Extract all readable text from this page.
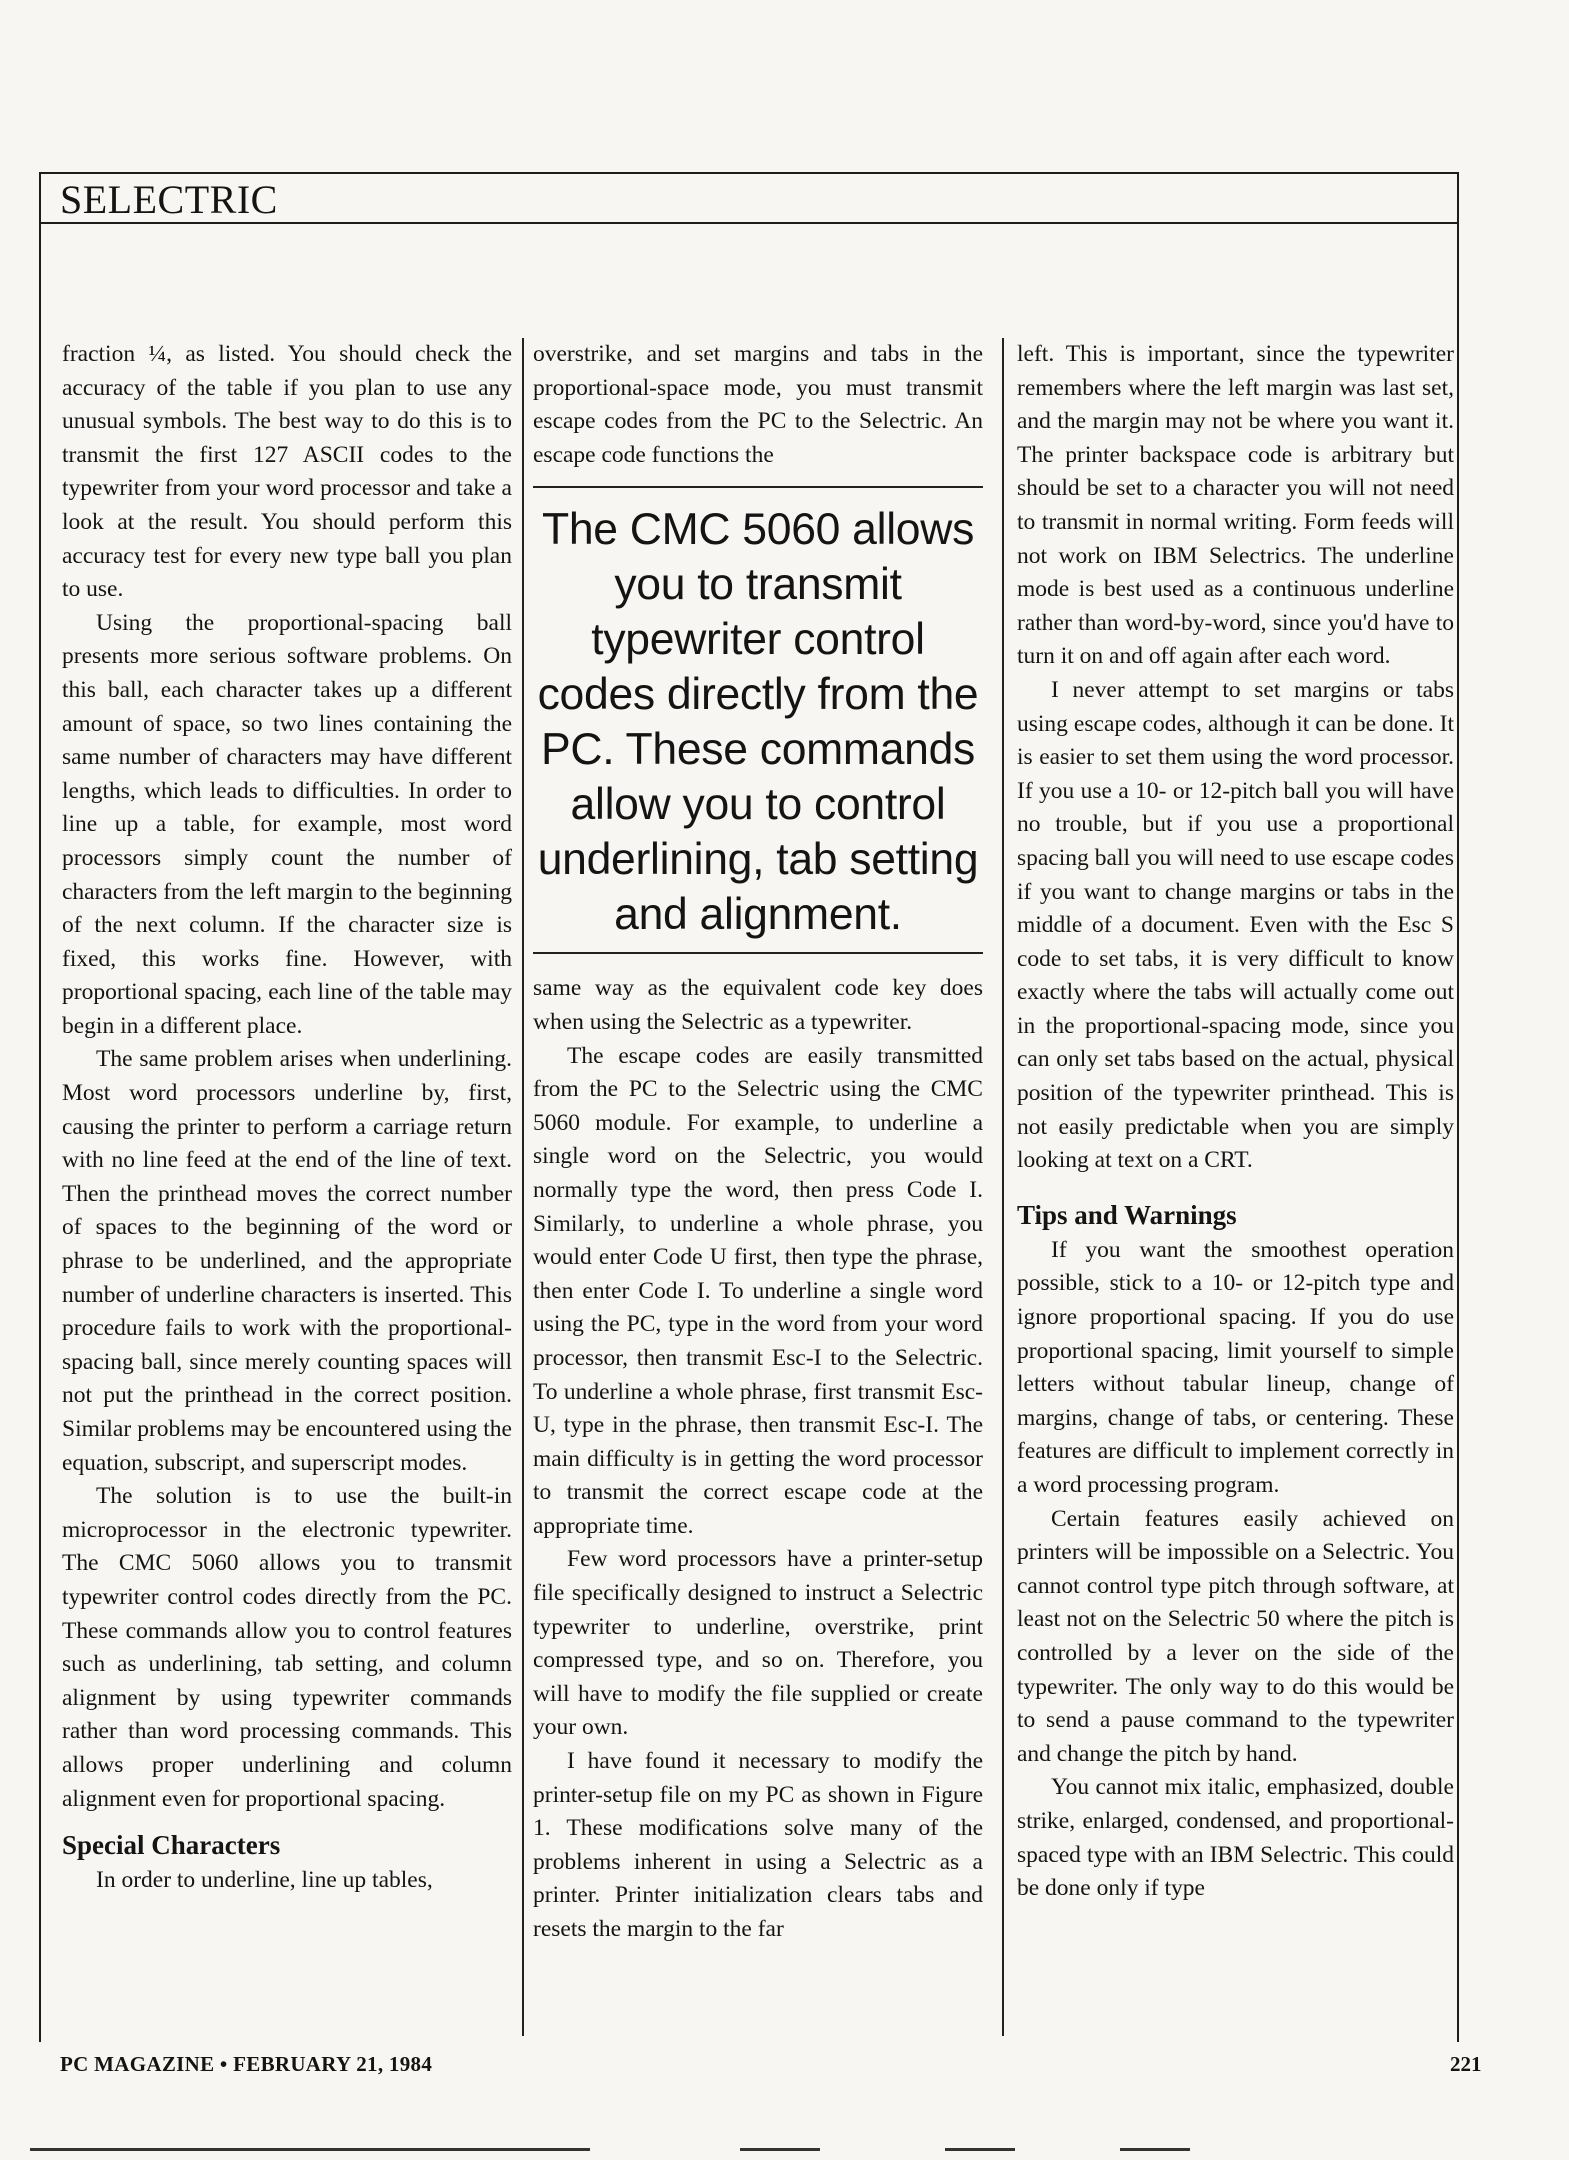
SELECTRIC

fraction ¼, as listed. You should check the accuracy of the table if you plan to use any unusual symbols. The best way to do this is to transmit the first 127 ASCII codes to the typewriter from your word processor and take a look at the result. You should perform this accuracy test for every new type ball you plan to use.

Using the proportional-spacing ball presents more serious software problems. On this ball, each character takes up a different amount of space, so two lines containing the same number of characters may have different lengths, which leads to difficulties. In order to line up a table, for example, most word processors simply count the number of characters from the left margin to the beginning of the next column. If the character size is fixed, this works fine. However, with proportional spacing, each line of the table may begin in a different place.

The same problem arises when underlining. Most word processors underline by, first, causing the printer to perform a carriage return with no line feed at the end of the line of text. Then the printhead moves the correct number of spaces to the beginning of the word or phrase to be underlined, and the appropriate number of underline characters is inserted. This procedure fails to work with the proportional-spacing ball, since merely counting spaces will not put the printhead in the correct position. Similar problems may be encountered using the equation, subscript, and superscript modes.

The solution is to use the built-in microprocessor in the electronic typewriter. The CMC 5060 allows you to transmit typewriter control codes directly from the PC. These commands allow you to control features such as underlining, tab setting, and column alignment by using typewriter commands rather than word processing commands. This allows proper underlining and column alignment even for proportional spacing.

Special Characters

In order to underline, line up tables,

overstrike, and set margins and tabs in the proportional-space mode, you must transmit escape codes from the PC to the Selectric. An escape code functions the

The CMC 5060 allows you to transmit typewriter control codes directly from the PC. These commands allow you to control underlining, tab setting and alignment.

same way as the equivalent code key does when using the Selectric as a typewriter.

The escape codes are easily transmitted from the PC to the Selectric using the CMC 5060 module. For example, to underline a single word on the Selectric, you would normally type the word, then press Code I. Similarly, to underline a whole phrase, you would enter Code U first, then type the phrase, then enter Code I. To underline a single word using the PC, type in the word from your word processor, then transmit Esc-I to the Selectric. To underline a whole phrase, first transmit Esc-U, type in the phrase, then transmit Esc-I. The main difficulty is in getting the word processor to transmit the correct escape code at the appropriate time.

Few word processors have a printer-setup file specifically designed to instruct a Selectric typewriter to underline, overstrike, print compressed type, and so on. Therefore, you will have to modify the file supplied or create your own.

I have found it necessary to modify the printer-setup file on my PC as shown in Figure 1. These modifications solve many of the problems inherent in using a Selectric as a printer. Printer initialization clears tabs and resets the margin to the far

left. This is important, since the typewriter remembers where the left margin was last set, and the margin may not be where you want it. The printer backspace code is arbitrary but should be set to a character you will not need to transmit in normal writing. Form feeds will not work on IBM Selectrics. The underline mode is best used as a continuous underline rather than word-by-word, since you'd have to turn it on and off again after each word.

I never attempt to set margins or tabs using escape codes, although it can be done. It is easier to set them using the word processor. If you use a 10- or 12-pitch ball you will have no trouble, but if you use a proportional spacing ball you will need to use escape codes if you want to change margins or tabs in the middle of a document. Even with the Esc S code to set tabs, it is very difficult to know exactly where the tabs will actually come out in the proportional-spacing mode, since you can only set tabs based on the actual, physical position of the typewriter printhead. This is not easily predictable when you are simply looking at text on a CRT.

Tips and Warnings

If you want the smoothest operation possible, stick to a 10- or 12-pitch type and ignore proportional spacing. If you do use proportional spacing, limit yourself to simple letters without tabular lineup, change of margins, change of tabs, or centering. These features are difficult to implement correctly in a word processing program.

Certain features easily achieved on printers will be impossible on a Selectric. You cannot control type pitch through software, at least not on the Selectric 50 where the pitch is controlled by a lever on the side of the typewriter. The only way to do this would be to send a pause command to the typewriter and change the pitch by hand.

You cannot mix italic, emphasized, double strike, enlarged, condensed, and proportional-spaced type with an IBM Selectric. This could be done only if type

PC MAGAZINE • FEBRUARY 21, 1984	221
